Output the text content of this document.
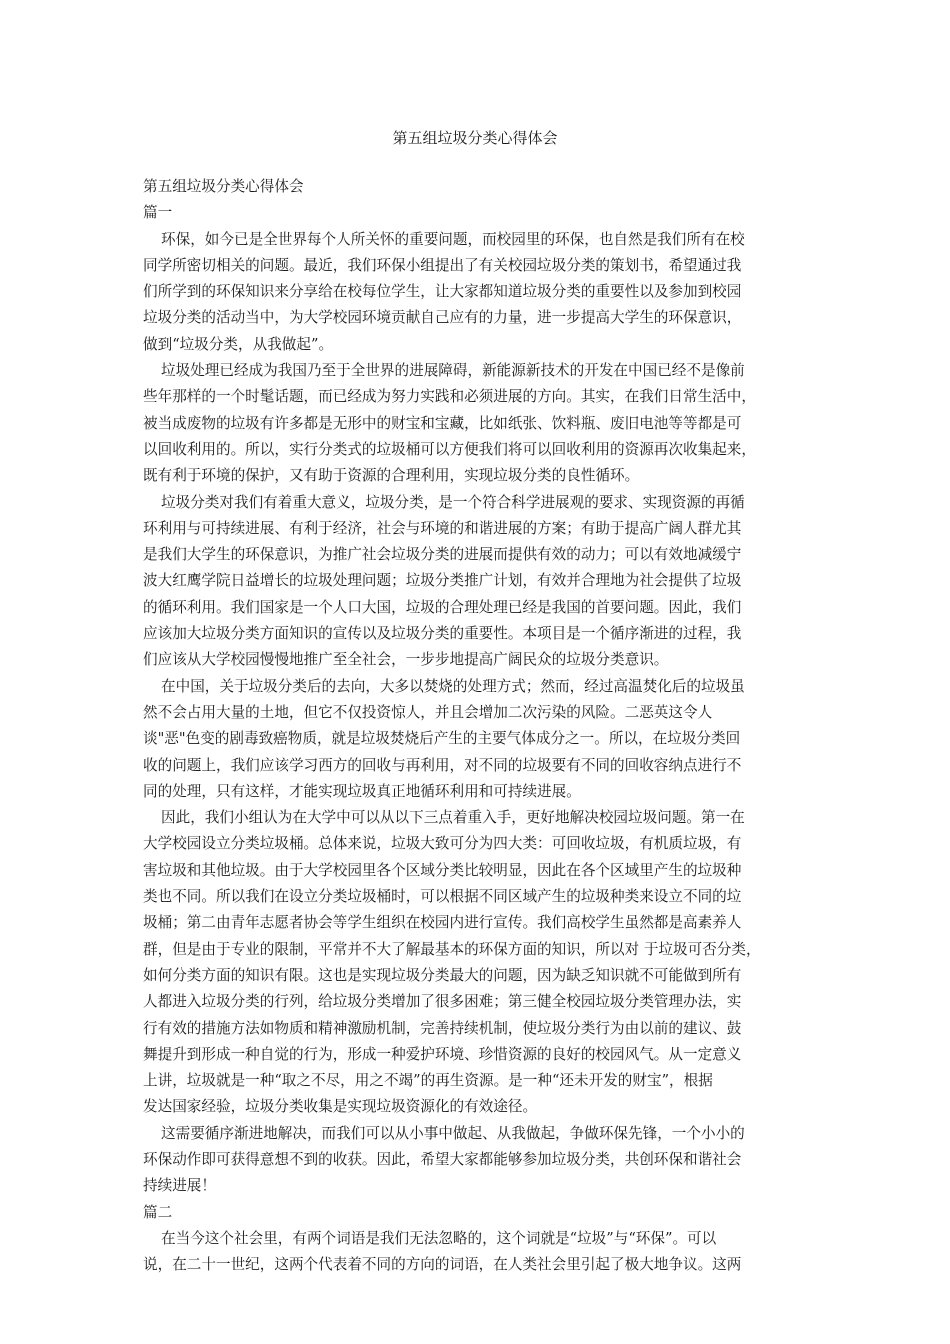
第五组垃圾分类心得体会
第五组垃圾分类心得体会
篇一
环保，如今已是全世界每个人所关怀的重要问题，而校园里的环保，也自然是我们所有在校
同学所密切相关的问题。最近，我们环保小组提出了有关校园垃圾分类的策划书，希望通过我
们所学到的环保知识来分享给在校每位学生，让大家都知道垃圾分类的重要性以及参加到校园
垃圾分类的活动当中，为大学校园环境贡献自己应有的力量，进一步提高大学生的环保意识，
做到“垃圾分类，从我做起”。
垃圾处理已经成为我国乃至于全世界的进展障碍，新能源新技术的开发在中国已经不是像前
些年那样的一个时髦话题，而已经成为努力实践和必须进展的方向。其实，在我们日常生活中，
被当成废物的垃圾有许多都是无形中的财宝和宝藏，比如纸张、饮料瓶、废旧电池等等都是可
以回收利用的。所以，实行分类式的垃圾桶可以方便我们将可以回收利用的资源再次收集起来，
既有利于环境的保护，又有助于资源的合理利用，实现垃圾分类的良性循环。
垃圾分类对我们有着重大意义，垃圾分类，是一个符合科学进展观的要求、实现资源的再循
环利用与可持续进展、有利于经济，社会与环境的和谐进展的方案；有助于提高广阔人群尤其
是我们大学生的环保意识，为推广社会垃圾分类的进展而提供有效的动力；可以有效地减缓宁
波大红鹰学院日益增长的垃圾处理问题；垃圾分类推广计划，有效并合理地为社会提供了垃圾
的循环利用。我们国家是一个人口大国，垃圾的合理处理已经是我国的首要问题。因此，我们
应该加大垃圾分类方面知识的宣传以及垃圾分类的重要性。本项目是一个循序渐进的过程，我
们应该从大学校园慢慢地推广至全社会，一步步地提高广阔民众的垃圾分类意识。
在中国，关于垃圾分类后的去向，大多以焚烧的处理方式；然而，经过高温焚化后的垃圾虽
然不会占用大量的土地，但它不仅投资惊人，并且会增加二次污染的风险。二恶英这令人
谈"恶"色变的剧毒致癌物质，就是垃圾焚烧后产生的主要气体成分之一。所以，在垃圾分类回
收的问题上，我们应该学习西方的回收与再利用，对不同的垃圾要有不同的回收容纳点进行不
同的处理，只有这样，才能实现垃圾真正地循环利用和可持续进展。
因此，我们小组认为在大学中可以从以下三点着重入手，更好地解决校园垃圾问题。第一在
大学校园设立分类垃圾桶。总体来说，垃圾大致可分为四大类：可回收垃圾，有机质垃圾，有
害垃圾和其他垃圾。由于大学校园里各个区域分类比较明显，因此在各个区域里产生的垃圾种
类也不同。所以我们在设立分类垃圾桶时，可以根据不同区域产生的垃圾种类来设立不同的垃
圾桶；第二由青年志愿者协会等学生组织在校园内进行宣传。我们高校学生虽然都是高素养人
群，但是由于专业的限制，平常并不大了解最基本的环保方面的知识，所以对 于垃圾可否分类，
如何分类方面的知识有限。这也是实现垃圾分类最大的问题，因为缺乏知识就不可能做到所有
人都进入垃圾分类的行列，给垃圾分类增加了很多困难；第三健全校园垃圾分类管理办法，实
行有效的措施方法如物质和精神激励机制，完善持续机制，使垃圾分类行为由以前的建议、鼓
舞提升到形成一种自觉的行为，形成一种爱护环境、珍惜资源的良好的校园风气。从一定意义
上讲，垃圾就是一种“取之不尽，用之不竭”的再生资源。是一种“还未开发的财宝”，根据
发达国家经验，垃圾分类收集是实现垃圾资源化的有效途径。
这需要循序渐进地解决，而我们可以从小事中做起、从我做起，争做环保先锋，一个小小的
环保动作即可获得意想不到的收获。因此，希望大家都能够参加垃圾分类，共创环保和谐社会
持续进展！
篇二
在当今这个社会里，有两个词语是我们无法忽略的，这个词就是“垃圾”与“环保”。可以
说，在二十一世纪，这两个代表着不同的方向的词语，在人类社会里引起了极大地争议。这两
